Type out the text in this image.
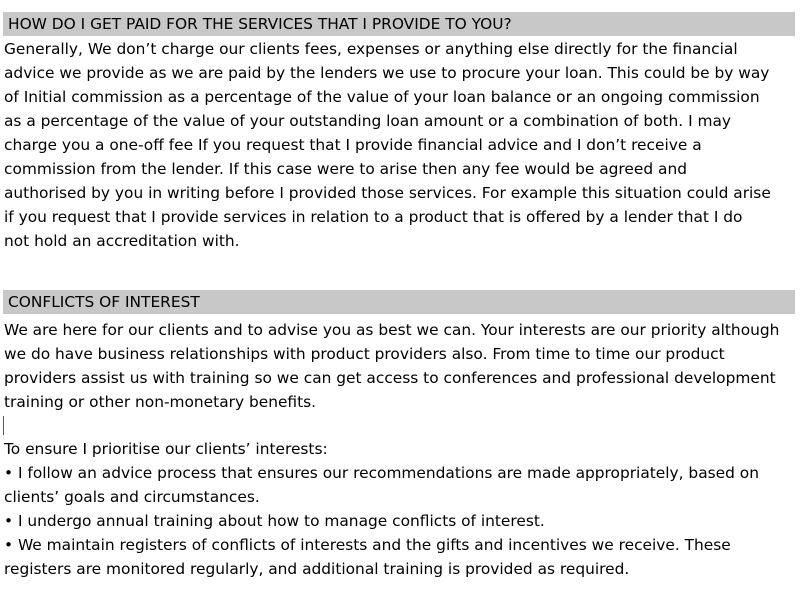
HOW DO I GET PAID FOR THE SERVICES THAT I PROVIDE TO YOU?
Generally, We don’t charge our clients fees, expenses or anything else directly for the financial
advice we provide as we are paid by the lenders we use to procure your loan. This could be by way
of Initial commission as a percentage of the value of your loan balance or an ongoing commission
as a percentage of the value of your outstanding loan amount or a combination of both. I may
charge you a one-off fee If you request that I provide financial advice and I don’t receive a
commission from the lender. If this case were to arise then any fee would be agreed and
authorised by you in writing before I provided those services. For example this situation could arise
if you request that I provide services in relation to a product that is offered by a lender that I do
not hold an accreditation with.
CONFLICTS OF INTEREST
We are here for our clients and to advise you as best we can. Your interests are our priority although
we do have business relationships with product providers also. From time to time our product
providers assist us with training so we can get access to conferences and professional development
training or other non-monetary benefits.
To ensure I prioritise our clients’ interests:
• I follow an advice process that ensures our recommendations are made appropriately, based on
clients’ goals and circumstances.
• I undergo annual training about how to manage conflicts of interest.
• We maintain registers of conflicts of interests and the gifts and incentives we receive. These
registers are monitored regularly, and additional training is provided as required.
